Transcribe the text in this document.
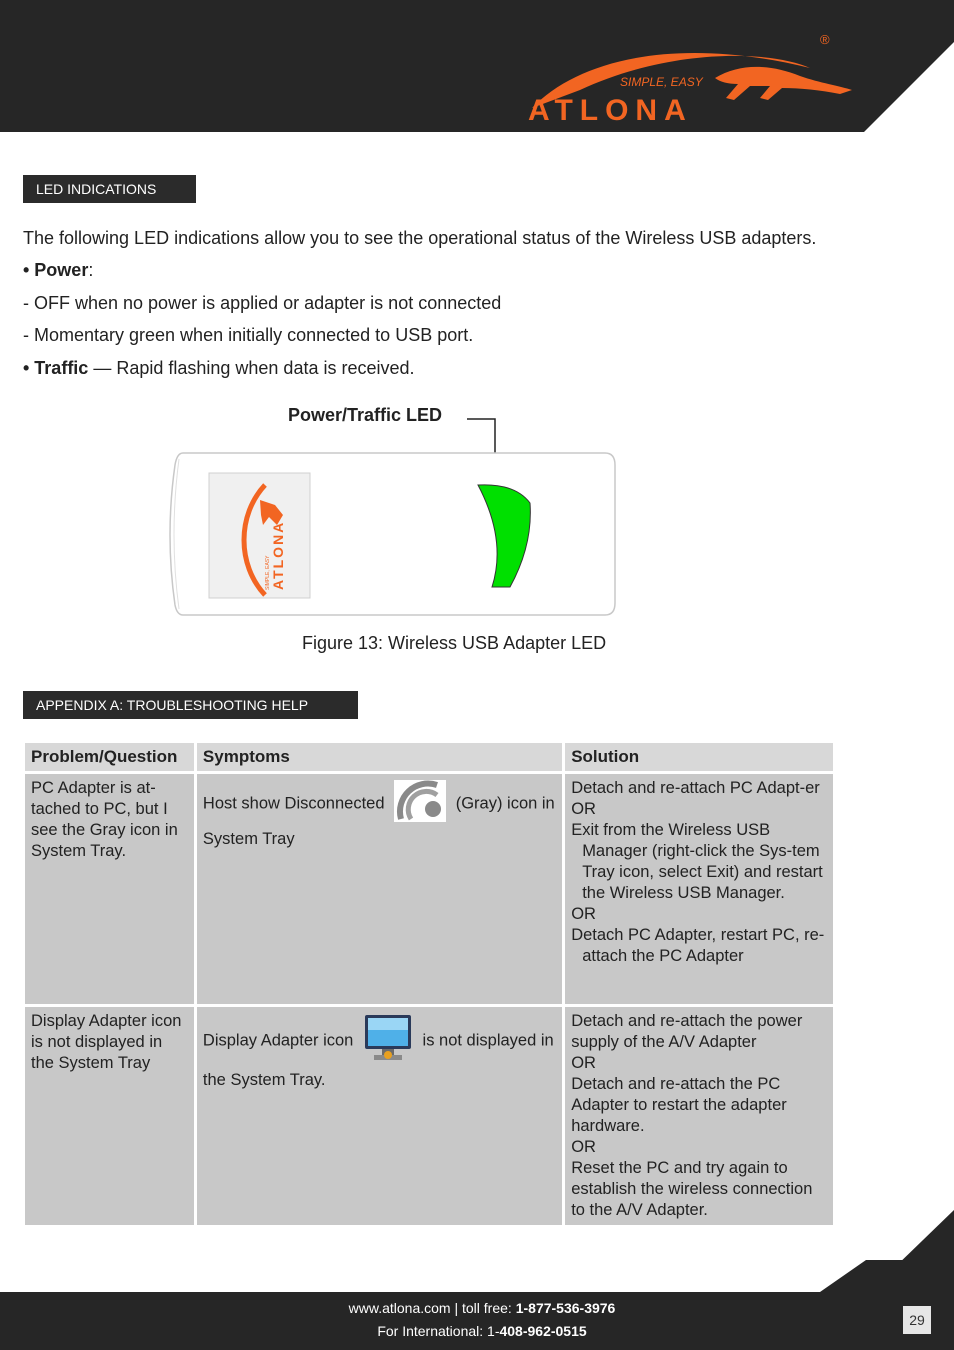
SIMPLE, EASY
ATLONA
®
LED INDICATIONS
The following LED indications allow you to see the operational status of the Wireless USB adapters.
• Power:
- OFF when no power is applied or adapter is not connected
- Momentary green when initially connected to USB port.
• Traffic — Rapid flashing when data is received.
Power/Traffic LED
ATLONA
SIMPLE, EASY
Figure 13: Wireless USB Adapter LED
APPENDIX A: TROUBLESHOOTING HELP
Problem/Question	Symptoms	Solution
PC Adapter is at-tached to PC, but I see the Gray icon in System Tray.	Host show Disconnected (Gray) icon in System Tray	Detach and re-attach PC Adapt-er
OR
Exit from the Wireless USB Manager (right-click the Sys-tem Tray icon, select Exit) and restart the Wireless USB Manager.
OR
Detach PC Adapter, restart PC, re-attach the PC Adapter

Display Adapter icon is not displayed in the System Tray	Display Adapter icon is not displayed in the System Tray.	Detach and re-attach the power supply of the A/V Adapter
OR
Detach and re-attach the PC Adapter to restart the adapter hardware.
OR
Reset the PC and try again to establish the wireless connection to the A/V Adapter.
www.atlona.com | toll free: 1-877-536-3976
For International: 1-408-962-0515
29
